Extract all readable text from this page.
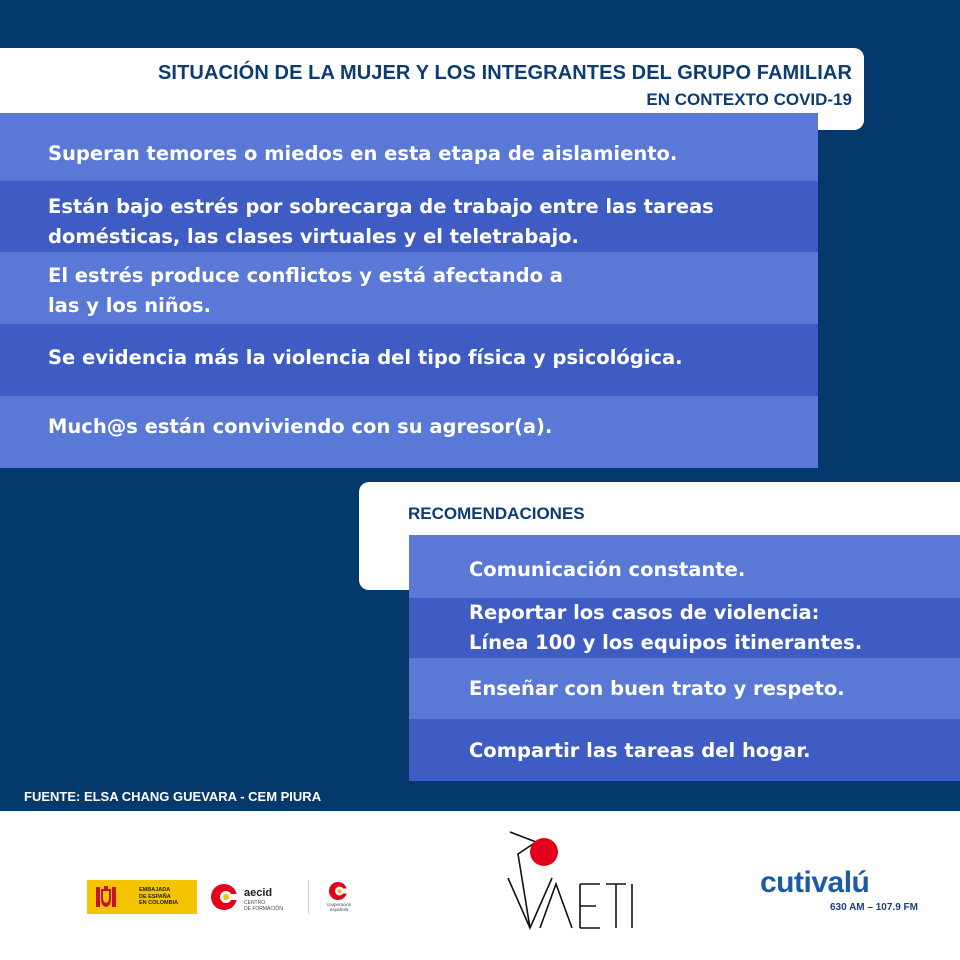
SITUACIÓN DE LA MUJER Y LOS INTEGRANTES DEL GRUPO FAMILIAR
EN CONTEXTO COVID-19
Superan temores o miedos en esta etapa de aislamiento.
Están bajo estrés por sobrecarga de trabajo entre las tareas
domésticas, las clases virtuales y el teletrabajo.
El estrés produce conflictos y está afectando a
las y los niños.
Se evidencia más la violencia del tipo física y psicológica.
Much@s están conviviendo con su agresor(a).
RECOMENDACIONES
Comunicación constante.
Reportar los casos de violencia:
Línea 100 y los equipos itinerantes.
Enseñar con buen trato y respeto.
Compartir las tareas del hogar.
FUENTE: ELSA CHANG GUEVARA - CEM PIURA
EMBAJADA
DE ESPAÑA
EN COLOMBIA
aecid
CENTRO
DE FORMACIÓN
cooperación
española
cutivalú
630 AM – 107.9 FM
